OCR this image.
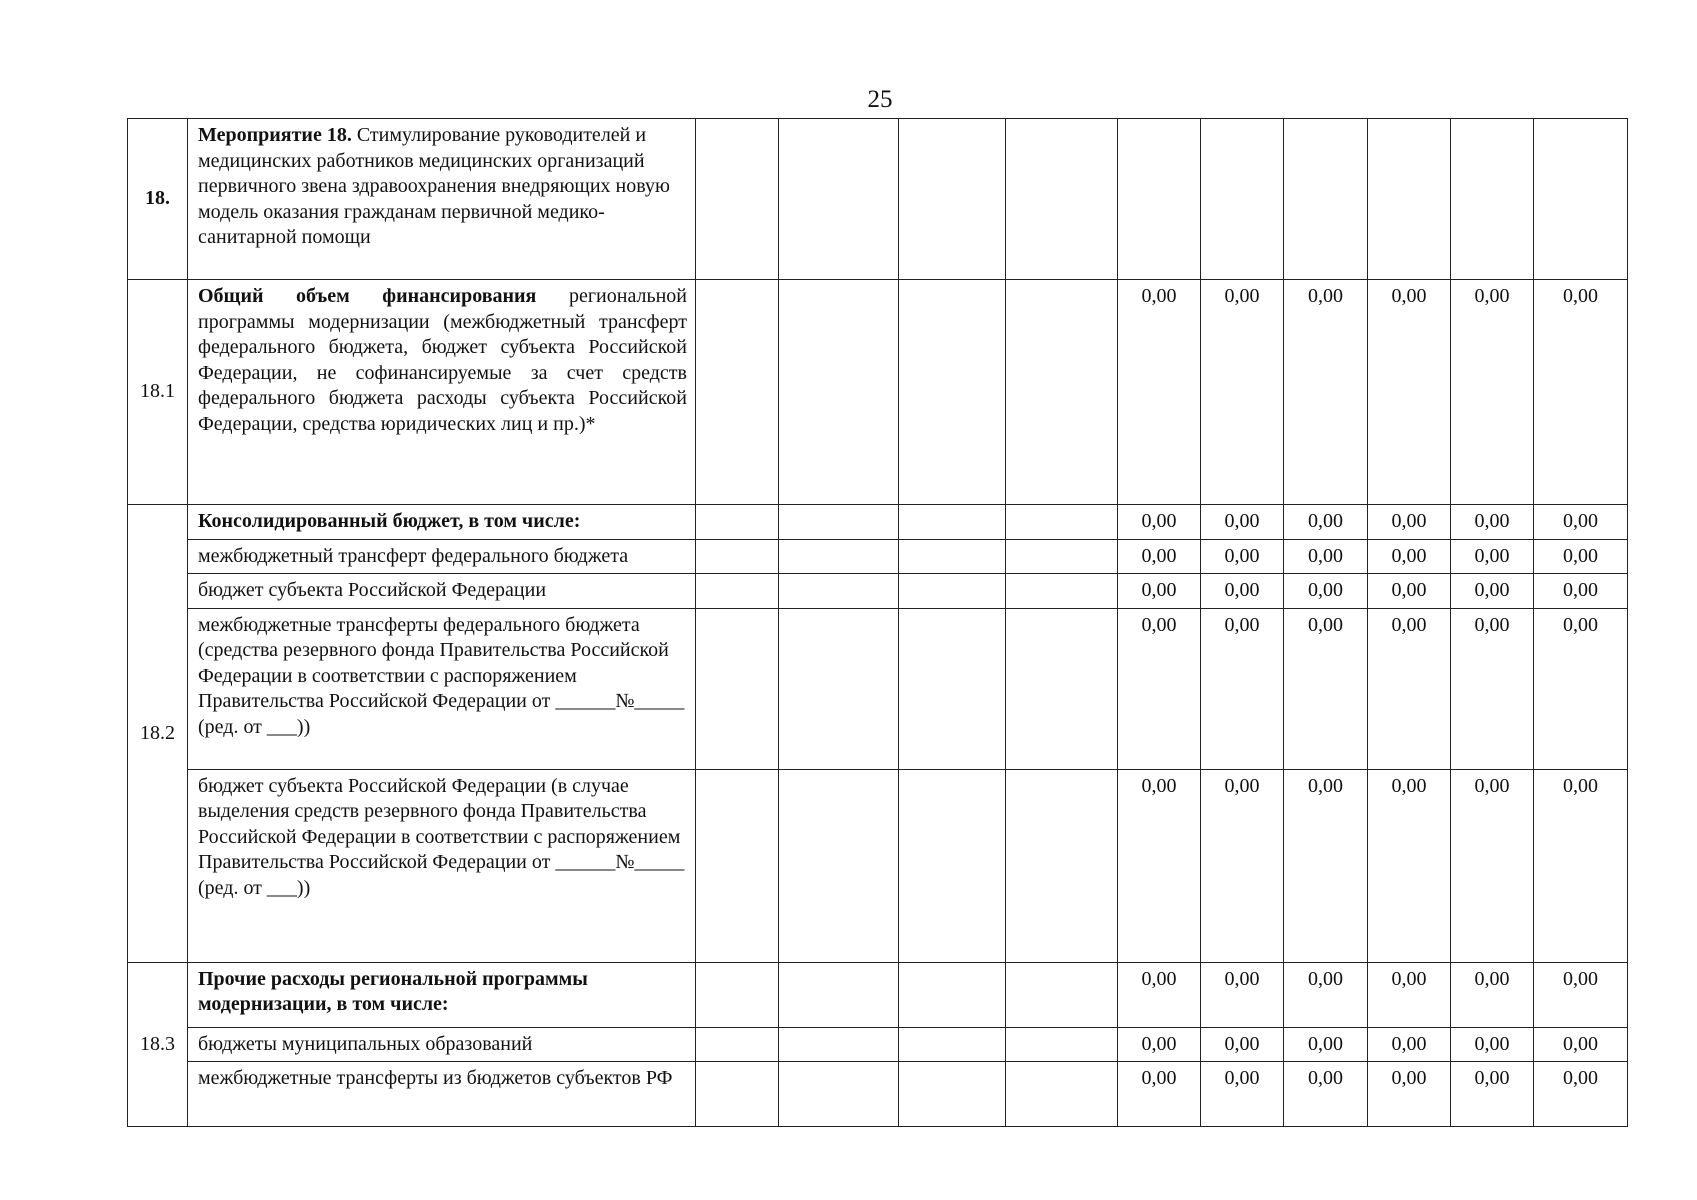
25
18.	Мероприятие 18. Стимулирование руководителей и медицинских работников медицинских организаций первичного звена здравоохранения внедряющих новую модель оказания гражданам первичной медико-санитарной помощи										
18.1	Общий объем финансирования региональной программы модернизации (межбюджетный трансферт федерального бюджета, бюджет субъекта Российской Федерации, не софинансируемые за счет средств федерального бюджета расходы субъекта Российской Федерации, средства юридических лиц и пр.)*					0,00	0,00	0,00	0,00	0,00	0,00
18.2	Консолидированный бюджет, в том числе:					0,00	0,00	0,00	0,00	0,00	0,00
	межбюджетный трансферт федерального бюджета					0,00	0,00	0,00	0,00	0,00	0,00
	бюджет субъекта Российской Федерации					0,00	0,00	0,00	0,00	0,00	0,00
	межбюджетные трансферты федерального бюджета (средства резервного фонда Правительства Российской Федерации в соответствии с распоряжением Правительства Российской Федерации от ______№_____ (ред. от ___))					0,00	0,00	0,00	0,00	0,00	0,00
	бюджет субъекта Российской Федерации (в случае выделения средств резервного фонда Правительства Российской Федерации в соответствии с распоряжением Правительства Российской Федерации от ______№_____ (ред. от ___))					0,00	0,00	0,00	0,00	0,00	0,00
18.3	Прочие расходы региональной программы модернизации, в том числе:					0,00	0,00	0,00	0,00	0,00	0,00
	бюджеты муниципальных образований					0,00	0,00	0,00	0,00	0,00	0,00
	межбюджетные трансферты из бюджетов субъектов РФ					0,00	0,00	0,00	0,00	0,00	0,00
